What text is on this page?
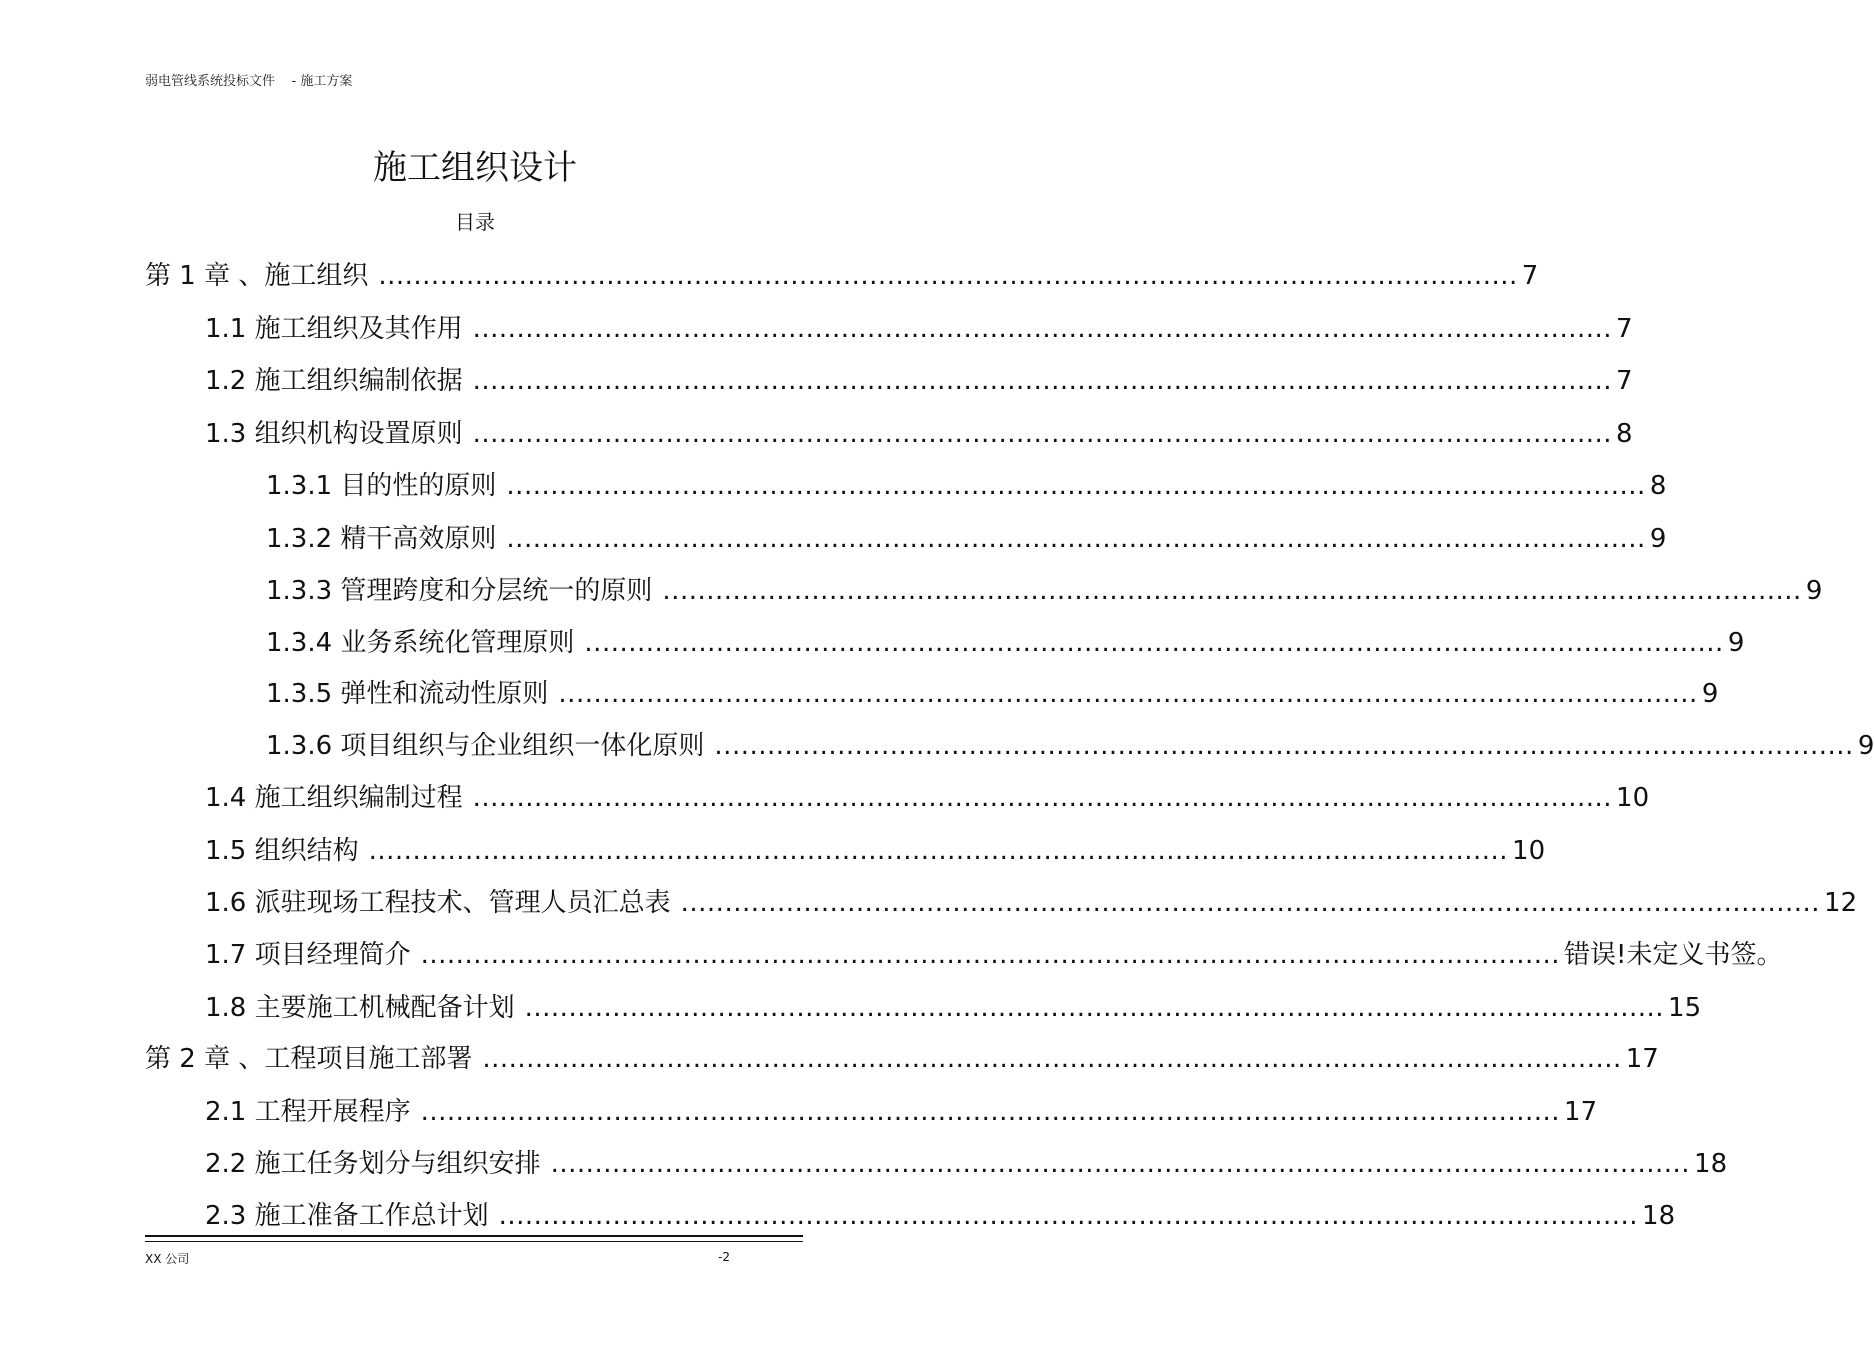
弱电管线系统投标文件    - 施工方案
施工组织设计
目录
第 1 章 、施工组织 .................................................................................................................................. 7
1.1 施工组织及其作用 .................................................................................................................................. 7
1.2 施工组织编制依据 .................................................................................................................................. 7
1.3 组织机构设置原则 .................................................................................................................................. 8
1.3.1 目的性的原则 .................................................................................................................................. 8
1.3.2 精干高效原则 .................................................................................................................................. 9
1.3.3 管理跨度和分层统一的原则 .................................................................................................................................. 9
1.3.4 业务系统化管理原则 .................................................................................................................................. 9
1.3.5 弹性和流动性原则 .................................................................................................................................. 9
1.3.6 项目组织与企业组织一体化原则 .................................................................................................................................. 9
1.4 施工组织编制过程 .................................................................................................................................. 10
1.5 组织结构 .................................................................................................................................. 10
1.6 派驻现场工程技术、管理人员汇总表 .................................................................................................................................. 12
1.7 项目经理简介 .................................................................................................................................. 错误!未定义书签。
1.8 主要施工机械配备计划 .................................................................................................................................. 15
第 2 章 、工程项目施工部署 .................................................................................................................................. 17
2.1 工程开展程序 .................................................................................................................................. 17
2.2 施工任务划分与组织安排 .................................................................................................................................. 18
2.3 施工准备工作总计划 .................................................................................................................................. 18
XX 公司	-2
